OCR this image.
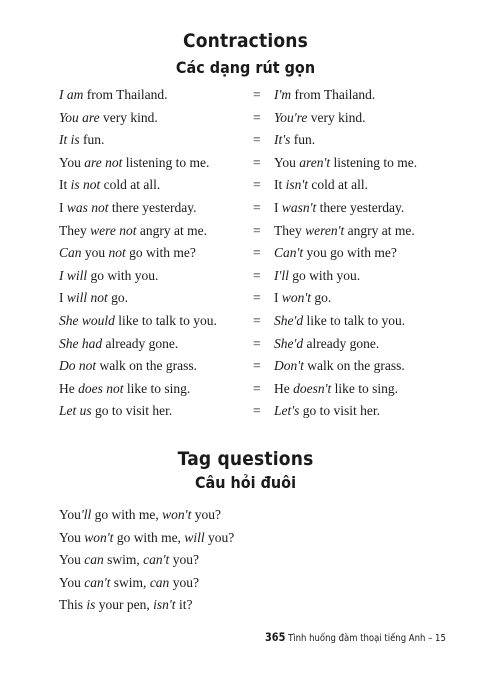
Contractions
Các dạng rút gọn
I am from Thailand.	= I'm from Thailand.
You are very kind.	= You're very kind.
It is fun.	= It's fun.
You are not listening to me.	= You aren't listening to me.
It is not cold at all.	= It isn't cold at all.
I was not there yesterday.	= I wasn't there yesterday.
They were not angry at me.	= They weren't angry at me.
Can you not go with me?	= Can't you go with me?
I will go with you.	= I'll go with you.
I will not go.	= I won't go.
She would like to talk to you.	= She'd like to talk to you.
She had already gone.	= She'd already gone.
Do not walk on the grass.	= Don't walk on the grass.
He does not like to sing.	= He doesn't like to sing.
Let us go to visit her.	= Let's go to visit her.
Tag questions
Câu hỏi đuôi
You'll go with me, won't you?
You won't go with me, will you?
You can swim, can't you?
You can't swim, can you?
This is your pen, isn't it?
365 Tình huống đàm thoại tiếng Anh – 15
